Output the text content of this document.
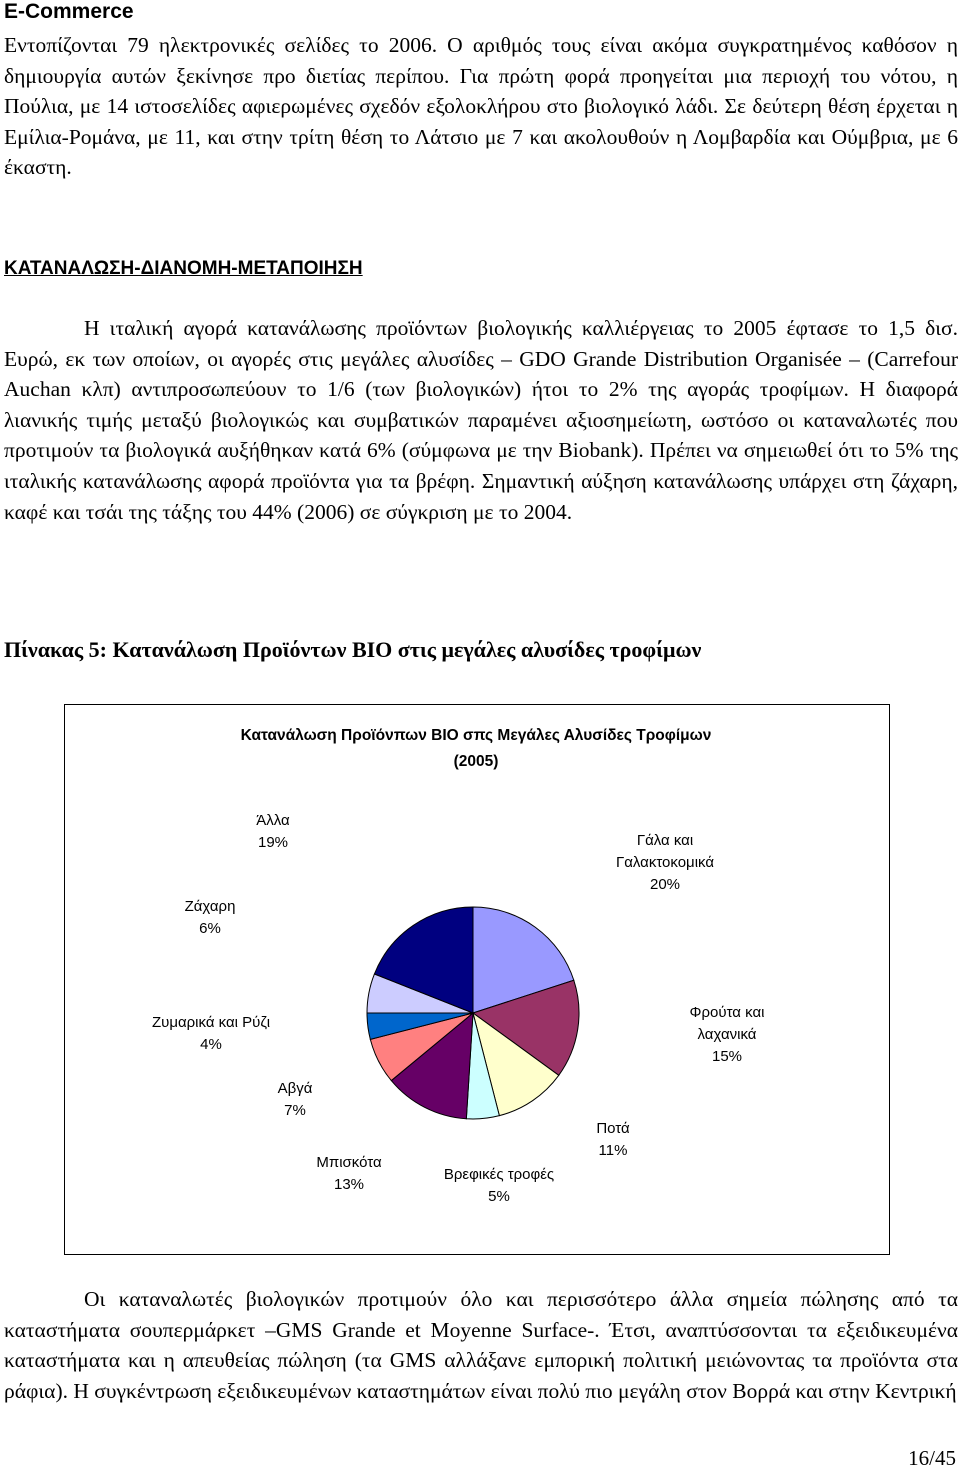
E-Commerce
Εντοπίζονται 79 ηλεκτρονικές σελίδες το 2006. Ο αριθμός τους είναι ακόμα συγκρατημένος καθόσον η δημιουργία αυτών ξεκίνησε προ διετίας περίπου. Για πρώτη φορά προηγείται μια περιοχή του νότου, η Πούλια, με 14 ιστοσελίδες αφιερωμένες σχεδόν εξολοκλήρου στο βιολογικό λάδι. Σε δεύτερη θέση έρχεται η Εμίλια-Ρομάνα, με 11, και στην τρίτη θέση το Λάτσιο με 7 και ακολουθούν η Λομβαρδία και Ούμβρια, με 6 έκαστη.
ΚΑΤΑΝΑΛΩΣΗ-ΔΙΑΝΟΜΗ-ΜΕΤΑΠΟΙΗΣΗ
Η ιταλική αγορά κατανάλωσης προϊόντων βιολογικής καλλιέργειας το 2005 έφτασε το 1,5 δισ. Ευρώ, εκ των οποίων, οι αγορές στις μεγάλες αλυσίδες – GDO Grande Distribution Organisée – (Carrefour Auchan κλπ) αντιπροσωπεύουν το 1/6 (των βιολογικών) ήτοι το 2% της αγοράς τροφίμων. Η διαφορά λιανικής τιμής μεταξύ βιολογικώς και συμβατικών παραμένει αξιοσημείωτη, ωστόσο οι καταναλωτές που προτιμούν τα βιολογικά αυξήθηκαν κατά 6% (σύμφωνα με την Biobank). Πρέπει να σημειωθεί ότι το 5% της ιταλικής κατανάλωσης αφορά προϊόντα για τα βρέφη. Σημαντική αύξηση κατανάλωσης υπάρχει στη ζάχαρη, καφέ και τσάι της τάξης του 44% (2006) σε σύγκριση με το 2004.
Πίνακας 5: Κατανάλωση Προϊόντων BIO στις μεγάλες αλυσίδες τροφίμων
Κατανάλωση Προϊόνπων ΒΙΟ σπς Μεγάλες Αλυσίδες Τροφίμων
(2005)
Γάλα και Γαλακτοκομικά 20%
Φρούτα και λαχανικά 15%
Ποτά 11%
Βρεφικές τροφές 5%
Μπισκότα 13%
Αβγά 7%
Ζυμαρικά και Ρύζι 4%
Ζάχαρη 6%
Άλλα 19%
Οι καταναλωτές βιολογικών προτιμούν όλο και περισσότερο άλλα σημεία πώλησης από τα καταστήματα σουπερμάρκετ –GMS Grande et Moyenne Surface-. Έτσι, αναπτύσσονται τα εξειδικευμένα καταστήματα και η απευθείας πώληση (τα GMS αλλάξανε εμπορική πολιτική μειώνοντας τα προϊόντα στα ράφια). Η συγκέντρωση εξειδικευμένων καταστημάτων είναι πολύ πιο μεγάλη στον Βορρά και στην Κεντρική
16/45
